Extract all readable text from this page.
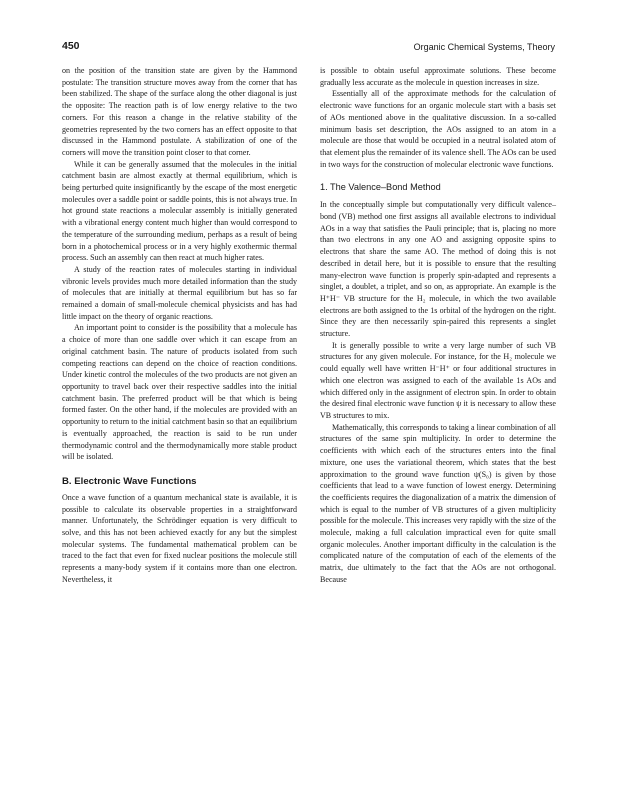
450	Organic Chemical Systems, Theory

on the position of the transition state are given by the Hammond postulate: The transition structure moves away from the corner that has been stabilized. The shape of the surface along the other diagonal is just the opposite: The reaction path is of low energy relative to the two corners. For this reason a change in the relative stability of the geometries represented by the two corners has an effect opposite to that discussed in the Hammond postulate. A stabilization of one of the corners will move the transition point closer to that corner.

While it can be generally assumed that the molecules in the initial catchment basin are almost exactly at thermal equilibrium, which is being perturbed quite insignificantly by the escape of the most energetic molecules over a saddle point or saddle points, this is not always true. In hot ground state reactions a molecular assembly is initially generated with a vibrational energy content much higher than would correspond to the temperature of the surrounding medium, perhaps as a result of being born in a photochemical process or in a very highly exothermic thermal process. Such an assembly can then react at much higher rates.

A study of the reaction rates of molecules starting in individual vibronic levels provides much more detailed information than the study of molecules that are initially at thermal equilibrium but has so far remained a domain of small-molecule chemical physicists and has had little impact on the theory of organic reactions.

An important point to consider is the possibility that a molecule has a choice of more than one saddle over which it can escape from an original catchment basin. The nature of products isolated from such competing reactions can depend on the choice of reaction conditions. Under kinetic control the molecules of the two products are not given an opportunity to travel back over their respective saddles into the initial catchment basin. The preferred product will be that which is being formed faster. On the other hand, if the molecules are provided with an opportunity to return to the initial catchment basin so that an equilibrium is eventually approached, the reaction is said to be run under thermodynamic control and the thermodynamically more stable product will be isolated.

B. Electronic Wave Functions

Once a wave function of a quantum mechanical state is available, it is possible to calculate its observable properties in a straightforward manner. Unfortunately, the Schrödinger equation is very difficult to solve, and this has not been achieved exactly for any but the simplest molecular systems. The fundamental mathematical problem can be traced to the fact that even for fixed nuclear positions the molecule still represents a many-body system if it contains more than one electron. Nevertheless, it

is possible to obtain useful approximate solutions. These become gradually less accurate as the molecule in question increases in size.

Essentially all of the approximate methods for the calculation of electronic wave functions for an organic molecule start with a basis set of AOs mentioned above in the qualitative discussion. In a so-called minimum basis set description, the AOs assigned to an atom in a molecule are those that would be occupied in a neutral isolated atom of that element plus the remainder of its valence shell. The AOs can be used in two ways for the construction of molecular electronic wave functions.

1. The Valence–Bond Method

In the conceptually simple but computationally very difficult valence–bond (VB) method one first assigns all available electrons to individual AOs in a way that satisfies the Pauli principle; that is, placing no more than two electrons in any one AO and assigning opposite spins to electrons that share the same AO. The method of doing this is not described in detail here, but it is possible to ensure that the resulting many-electron wave function is properly spin-adapted and represents a singlet, a doublet, a triplet, and so on, as appropriate. An example is the H⁺H⁻ VB structure for the H₂ molecule, in which the two available electrons are both assigned to the 1s orbital of the hydrogen on the right. Since they are then necessarily spin-paired this represents a singlet structure.

It is generally possible to write a very large number of such VB structures for any given molecule. For instance, for the H₂ molecule we could equally well have written H⁻H⁺ or four additional structures in which one electron was assigned to each of the available 1s AOs and which differed only in the assignment of electron spin. In order to obtain the desired final electronic wave function ψ it is necessary to allow these VB structures to mix.

Mathematically, this corresponds to taking a linear combination of all structures of the same spin multiplicity. In order to determine the coefficients with which each of the structures enters into the final mixture, one uses the variational theorem, which states that the best approximation to the ground wave function ψ(S₀) is given by those coefficients that lead to a wave function of lowest energy. Determining the coefficients requires the diagonalization of a matrix the dimension of which is equal to the number of VB structures of a given multiplicity possible for the molecule. This increases very rapidly with the size of the molecule, making a full calculation impractical even for quite small organic molecules. Another important difficulty in the calculation is the complicated nature of the computation of each of the elements of the matrix, due ultimately to the fact that the AOs are not orthogonal. Because
